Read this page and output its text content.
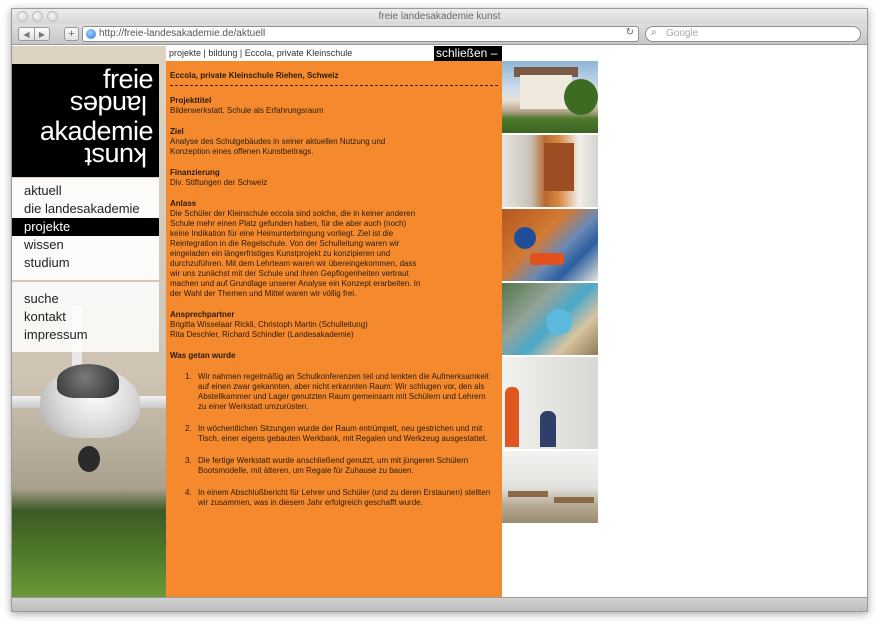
freie landesakademie kunst
◀	▶	+	http://freie-landesakademie.de/aktuell	↻ ⌕ Google
freie
landes
akademie
kunst
aktuell
die landesakademie
projekte
wissen
studium
suche
kontakt
impressum
projekte | bildung | Eccola, private Kleinschule	schließen –
Eccola, private Kleinschule Riehen, Schweiz
Projekttitel

Bilderwerkstatt. Schule als Erfahrungsraum

Ziel

Analyse des Schulgebäudes in seiner aktuellen Nutzung und Konzeption eines offenen Kunstbeitrags.

Finanzierung

Div. Stiftungen der Schweiz

Anlass

Die Schüler der Kleinschule eccola sind solche, die in keiner anderen Schule mehr einen Platz gefunden haben, für die aber auch (noch) keine Indikation für eine Heimunterbringung vorliegt. Ziel ist die Reintegration in die Regelschule. Von der Schulleitung waren wir eingeladen ein längerfristiges Kunstprojekt zu konzipieren und durchzuführen. Mit dem Lehrteam waren wir übereingekommen, dass wir uns zunächst mit der Schule und ihren Gepflogenheiten vertraut machen und auf Grundlage unserer Analyse ein Konzept erarbeiten. In der Wahl der Themen und Mittel waren wir völlig frei.

Ansprechpartner

Brigitta Wisselaar Rickli, Christoph Martin (Schulleitung)
Rita Deschler, Richard Schindler (Landesakademie)

Was getan wurde
1. Wir nahmen regelmäßig an Schulkonferenzen teil und lenkten die Aufmerksamkeit auf einen zwar gekannten, aber nicht erkannten Raum: Wir schlugen vor, den als Abstellkammer und Lager genutzten Raum gemeinsam mit Schülern und Lehrern zu einer Werkstatt umzurüsten.
2. In wöchentlichen Sitzungen wurde der Raum entrümpelt, neu gestrichen und mit Tisch, einer eigens gebauten Werkbank, mit Regalen und Werkzeug ausgestattet.
3. Die fertige Werkstatt wurde anschließend genutzt, um mit jüngeren Schülern Bootsmodelle, mit älteren, um Regale für Zuhause zu bauen.
4. In einem Abschlußbericht für Lehrer und Schüler (und zu deren Erstaunen) stellten wir zusammen, was in diesem Jahr erfolgreich geschafft wurde.
